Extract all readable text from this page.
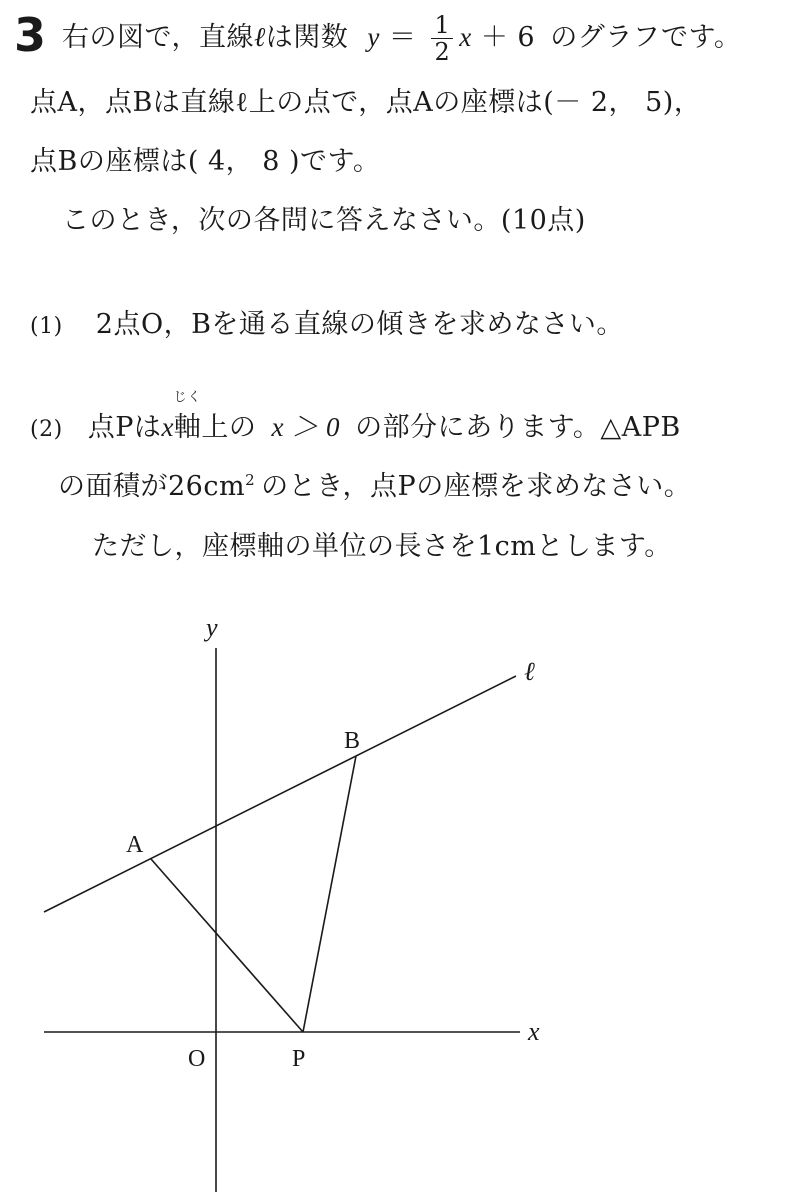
3 右の図で，直線ℓは関数 $y = \frac{1}{2}$ x ＋ 6 のグラフです。
点A，点Bは直線ℓ上の点で，点Aの座標は(－ 2， 5)，
点Bの座標は( 4， 8 )です。
このとき，次の各問に答えなさい。(10点)
(1) 2点O，Bを通る直線の傾きを求めなさい。
(2) 点Pはx
じく
軸上の x ＞ 0 の部分にあります。△APB
の面積が$26cm^2$ のとき，点Pの座標を求めなさい。
ただし，座標軸の単位の長さを1cmとします。
y
x
ℓ
A
B
O	P
